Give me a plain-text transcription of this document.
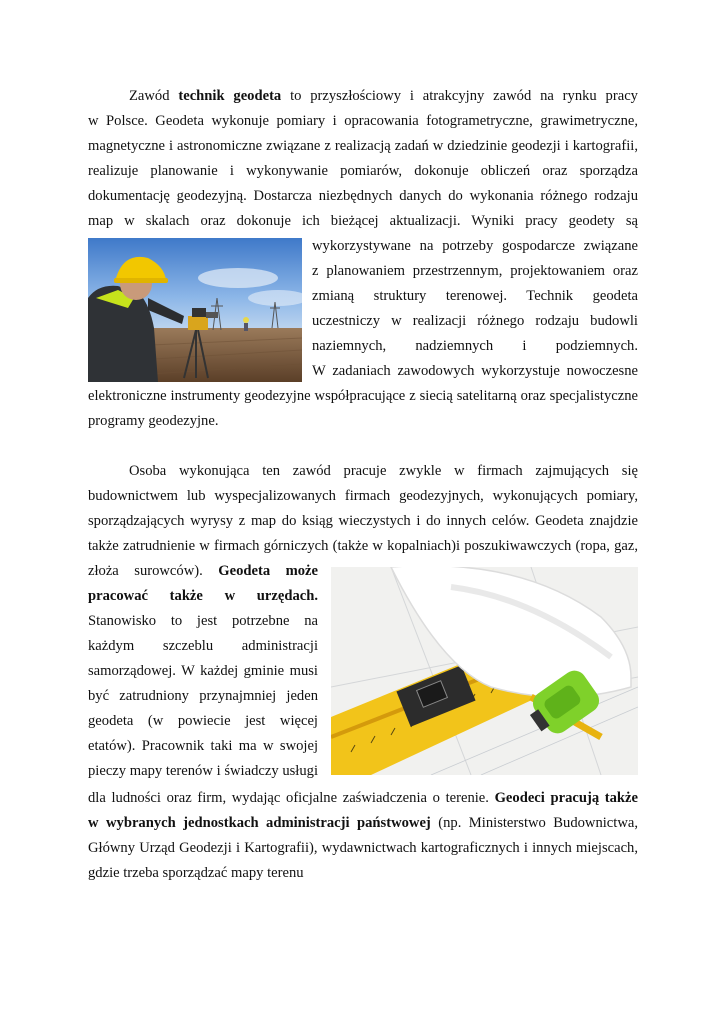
Zawód technik geodeta to przyszłościowy i atrakcyjny zawód na rynku pracy
w Polsce. Geodeta wykonuje pomiary i opracowania fotogrametryczne, grawimetryczne,
magnetyczne i astronomiczne związane z realizacją zadań w dziedzinie geodezji i kartografii,
realizuje planowanie i wykonywanie pomiarów, dokonuje obliczeń oraz sporządza
dokumentację geodezyjną. Dostarcza niezbędnych danych do wykonania różnego rodzaju
map w skalach oraz dokonuje ich bieżącej aktualizacji. Wyniki pracy geodety są
wykorzystywane na potrzeby gospodarcze związane
z planowaniem przestrzennym, projektowaniem oraz
zmianą struktury terenowej. Technik geodeta
uczestniczy w realizacji różnego rodzaju budowli
naziemnych, nadziemnych i podziemnych.
W zadaniach zawodowych wykorzystuje nowoczesne
elektroniczne instrumenty geodezyjne współpracujące z siecią satelitarną oraz specjalistyczne
programy geodezyjne.
Osoba wykonująca ten zawód pracuje zwykle w firmach zajmujących się
budownictwem lub wyspecjalizowanych firmach geodezyjnych, wykonujących pomiary,
sporządzających wyrysy z map do ksiąg wieczystych i do innych celów. Geodeta znajdzie
także zatrudnienie w firmach górniczych (także w kopalniach)i poszukiwawczych (ropa, gaz,
złoża surowców). Geodeta może
pracować także w urzędach.
Stanowisko to jest potrzebne na
każdym szczeblu administracji
samorządowej. W każdej gminie musi
być zatrudniony przynajmniej jeden
geodeta (w powiecie jest więcej
etatów). Pracownik taki ma w swojej
pieczy mapy terenów i świadczy usługi
dla ludności oraz firm, wydając oficjalne zaświadczenia o terenie. Geodeci pracują także
w wybranych jednostkach administracji państwowej (np. Ministerstwo Budownictwa,
Główny Urząd Geodezji i Kartografii), wydawnictwach kartograficznych i innych miejscach,
gdzie trzeba sporządzać mapy terenu
